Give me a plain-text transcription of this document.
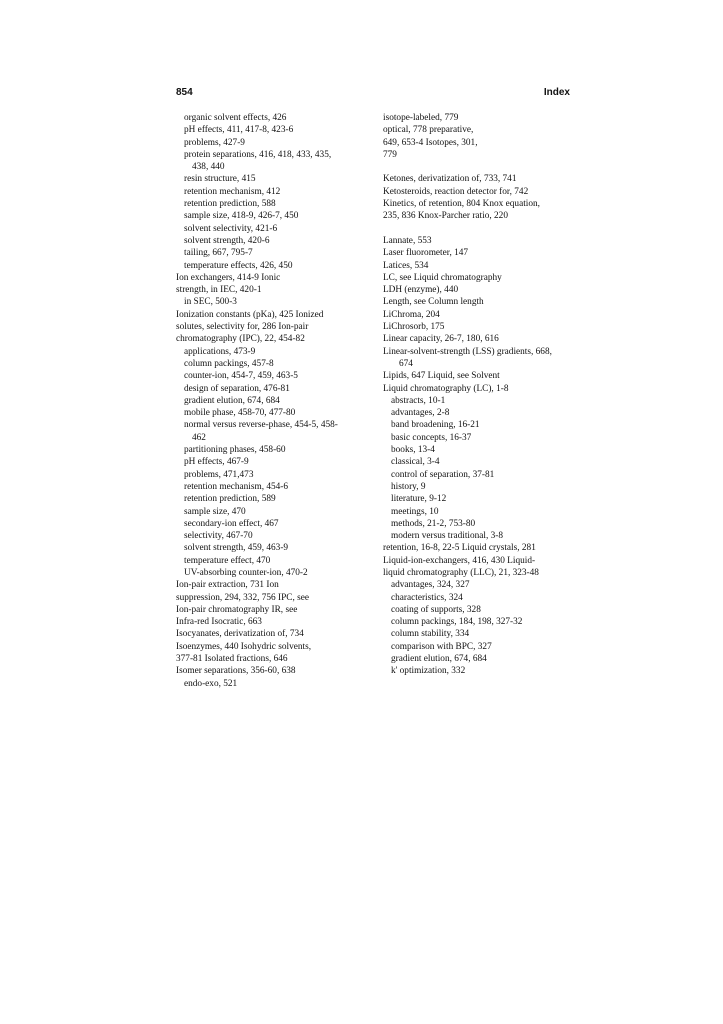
854	Index
organic solvent effects, 426
pH effects, 411, 417-8, 423-6
problems, 427-9
protein separations, 416, 418, 433, 435,
438, 440
resin structure, 415
retention mechanism, 412
retention prediction, 588
sample size, 418-9, 426-7, 450
solvent selectivity, 421-6
solvent strength, 420-6
tailing, 667, 795-7
temperature effects, 426, 450
Ion exchangers, 414-9 Ionic
strength, in IEC, 420-1
in SEC, 500-3
Ionization constants (pKa), 425 Ionized
solutes, selectivity for, 286 Ion-pair
chromatography (IPC), 22, 454-82
applications, 473-9
column packings, 457-8
counter-ion, 454-7, 459, 463-5
design of separation, 476-81
gradient elution, 674, 684
mobile phase, 458-70, 477-80
normal versus reverse-phase, 454-5, 458-
462
partitioning phases, 458-60
pH effects, 467-9
problems, 471,473
retention mechanism, 454-6
retention prediction, 589
sample size, 470
secondary-ion effect, 467
selectivity, 467-70
solvent strength, 459, 463-9
temperature effect, 470
UV-absorbing counter-ion, 470-2
Ion-pair extraction, 731 Ion
suppression, 294, 332, 756 IPC, see
Ion-pair chromatography IR, see
Infra-red Isocratic, 663
Isocyanates, derivatization of, 734
Isoenzymes, 440 Isohydric solvents,
377-81 Isolated fractions, 646
Isomer separations, 356-60, 638
endo-exo, 521
isotope-labeled, 779
optical, 778 preparative,
649, 653-4 Isotopes, 301,
779
Ketones, derivatization of, 733, 741
Ketosteroids, reaction detector for, 742
Kinetics, of retention, 804 Knox equation,
235, 836 Knox-Parcher ratio, 220
Lannate, 553
Laser fluorometer, 147
Latices, 534
LC, see Liquid chromatography
LDH (enzyme), 440
Length, see Column length
LiChroma, 204
LiChrosorb, 175
Linear capacity, 26-7, 180, 616
Linear-solvent-strength (LSS) gradients, 668,
674
Lipids, 647 Liquid, see Solvent
Liquid chromatography (LC), 1-8
abstracts, 10-1
advantages, 2-8
band broadening, 16-21
basic concepts, 16-37
books, 13-4
classical, 3-4
control of separation, 37-81
history, 9
literature, 9-12
meetings, 10
methods, 21-2, 753-80
modern versus traditional, 3-8
retention, 16-8, 22-5 Liquid crystals, 281
Liquid-ion-exchangers, 416, 430 Liquid-
liquid chromatography (LLC), 21, 323-48
advantages, 324, 327
characteristics, 324
coating of supports, 328
column packings, 184, 198, 327-32
column stability, 334
comparison with BPC, 327
gradient elution, 674, 684
k' optimization, 332
